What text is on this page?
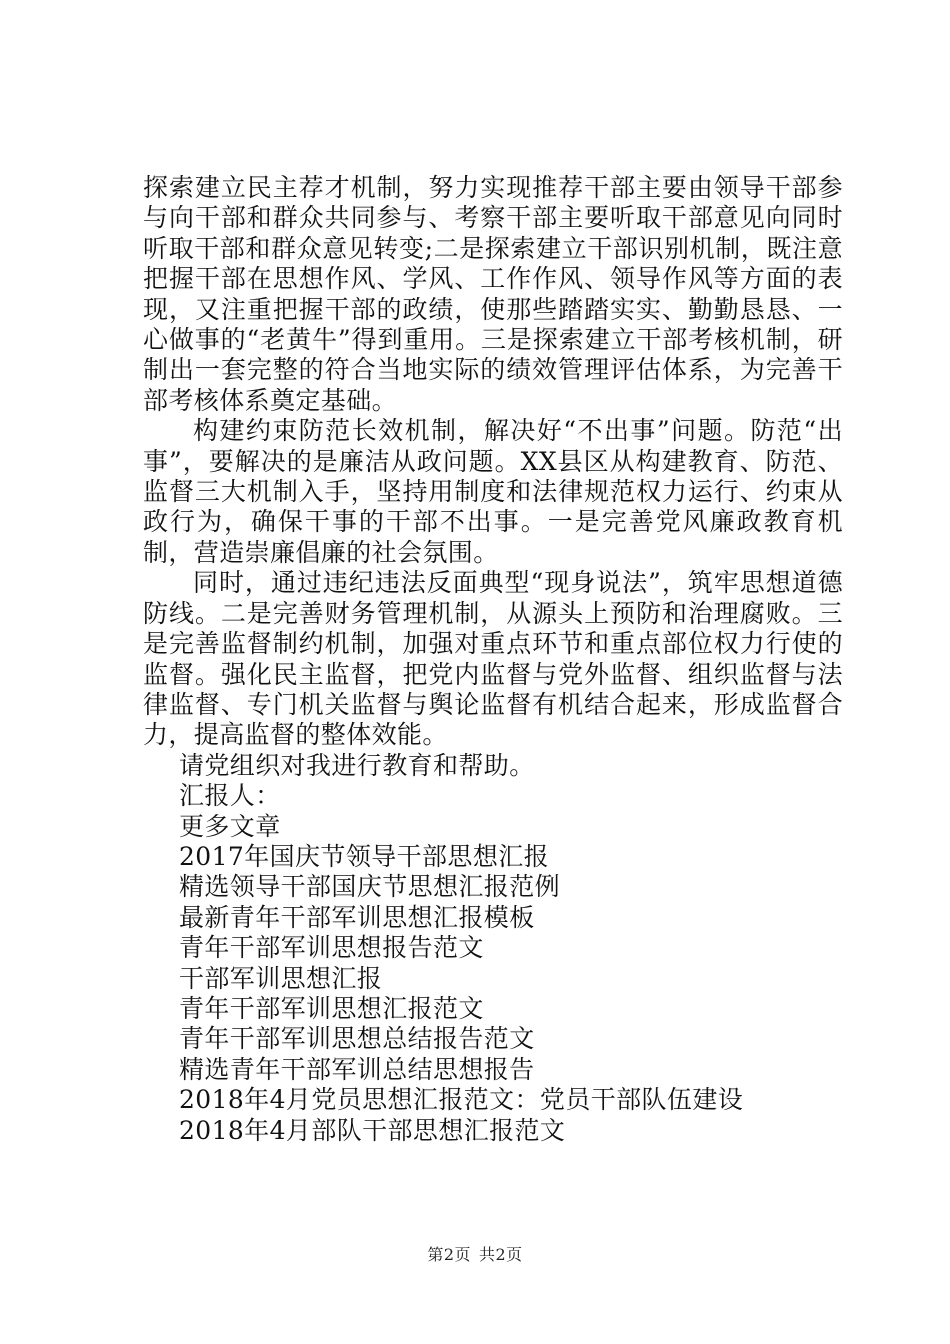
探索建立民主荐才机制，努力实现推荐干部主要由领导干部参与向干部和群众共同参与、考察干部主要听取干部意见向同时听取干部和群众意见转变;二是探索建立干部识别机制，既注意把握干部在思想作风、学风、工作作风、领导作风等方面的表现，又注重把握干部的政绩，使那些踏踏实实、勤勤恳恳、一心做事的“老黄牛”得到重用。三是探索建立干部考核机制，研制出一套完整的符合当地实际的绩效管理评估体系，为完善干部考核体系奠定基础。

构建约束防范长效机制，解决好“不出事”问题。防范“出事”，要解决的是廉洁从政问题。XX县区从构建教育、防范、监督三大机制入手，坚持用制度和法律规范权力运行、约束从政行为，确保干事的干部不出事。一是完善党风廉政教育机制，营造崇廉倡廉的社会氛围。

同时，通过违纪违法反面典型“现身说法”，筑牢思想道德防线。二是完善财务管理机制，从源头上预防和治理腐败。三是完善监督制约机制，加强对重点环节和重点部位权力行使的监督。强化民主监督，把党内监督与党外监督、组织监督与法律监督、专门机关监督与舆论监督有机结合起来，形成监督合力，提高监督的整体效能。

请党组织对我进行教育和帮助。

汇报人：

更多文章

2017年国庆节领导干部思想汇报

精选领导干部国庆节思想汇报范例

最新青年干部军训思想汇报模板

青年干部军训思想报告范文

干部军训思想汇报

青年干部军训思想汇报范文

青年干部军训思想总结报告范文

精选青年干部军训总结思想报告

2018年4月党员思想汇报范文：党员干部队伍建设

2018年4月部队干部思想汇报范文

第2页 共2页
